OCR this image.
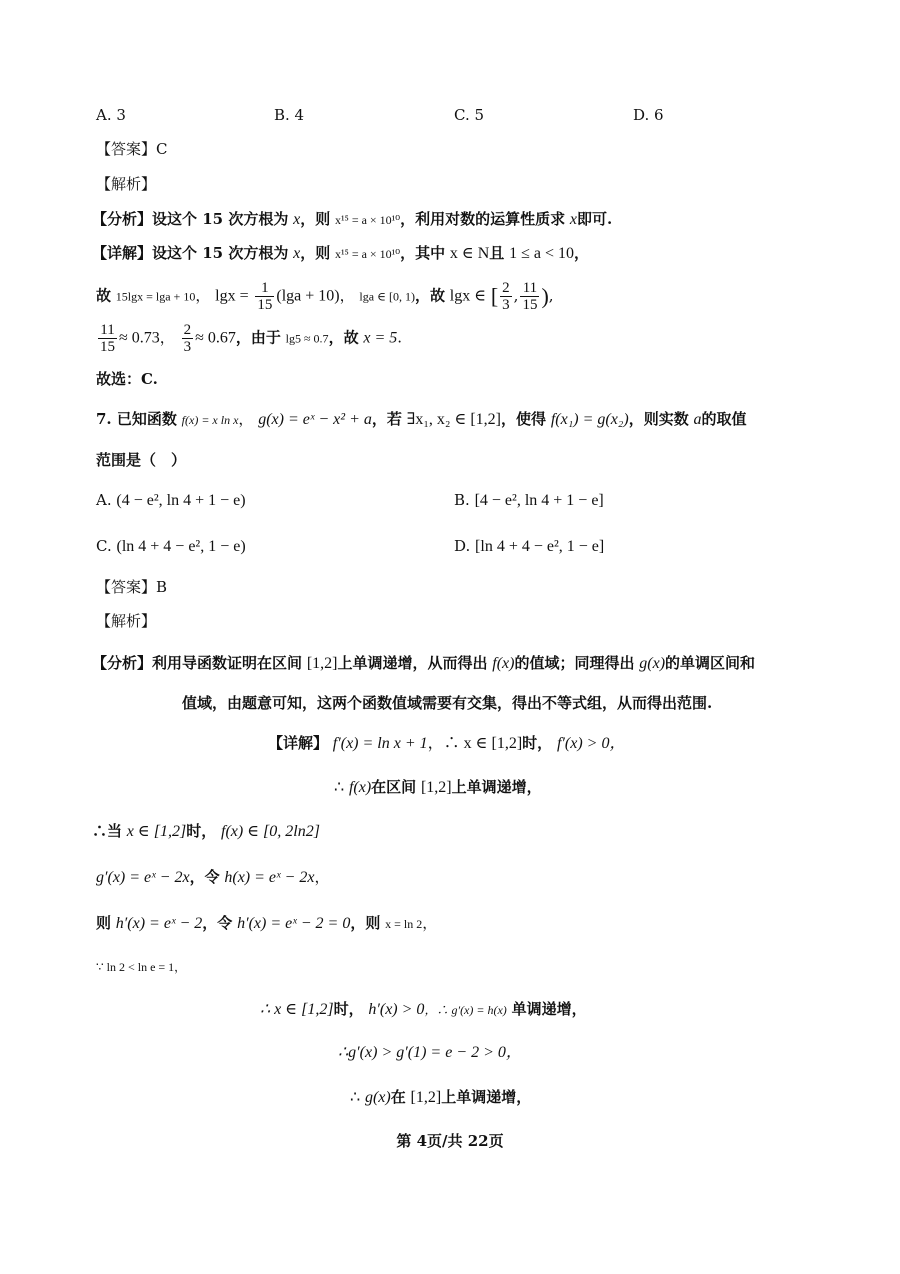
A. 3	B. 4	C. 5	D. 6
【答案】C
【解析】
【分析】设这个 15 次方根为 x，则 x¹⁵ = a × 10¹⁰，利用对数的运算性质求 x即可.
【详解】设这个 15 次方根为 x，则 x¹⁵ = a × 10¹⁰，其中 x ∈ N且 1 ≤ a < 10，
故 15lgx = lga + 10， $\lg x = \frac{1}{15} (\lg a + 10)$， lga ∈ [0, 1)，故 lgx ∈ [ $\frac{2}{3}$ , $\frac{11}{15}$ ),
$\frac{11}{15} \approx 0.73$， $\frac{2}{3} \approx 0.67$，由于 lg5 ≈ 0.7，故 x = 5.
故选：C.
7. 已知函数 f(x) = x ln x， g(x) = eˣ − x² + a，若 ∃x₁, x₂ ∈ [1,2]，使得 f(x₁) = g(x₂)，则实数 a的取值
范围是（　）
A. (4 − e², ln 4 + 1 − e)	B. [4 − e², ln 4 + 1 − e]
C. (ln 4 + 4 − e², 1 − e)	D. [ln 4 + 4 − e², 1 − e]
【答案】B
【解析】
【分析】利用导函数证明在区间 [1,2]上单调递增，从而得出 f(x)的值域；同理得出 g(x)的单调区间和
值域，由题意可知，这两个函数值域需要有交集，得出不等式组，从而得出范围.
【详解】 f′(x) = ln x + 1，∴ x ∈ [1,2]时， f′(x) > 0，
∴ f(x)在区间 [1,2]上单调递增，
∴当 x ∈ [1,2]时， f(x) ∈ [0, 2ln2]
g′(x) = eˣ − 2x，令 h(x) = eˣ − 2x，
则 h′(x) = eˣ − 2，令 h′(x) = eˣ − 2 = 0，则 x = ln 2，
∵ ln 2 < ln e = 1，
∴ x ∈ [1,2]时， h′(x) > 0，∴ g′(x) = h(x) 单调递增，
∴g′(x) > g′(1) = e − 2 > 0，
∴ g(x)在 [1,2]上单调递增，
第 4页/共 22页
